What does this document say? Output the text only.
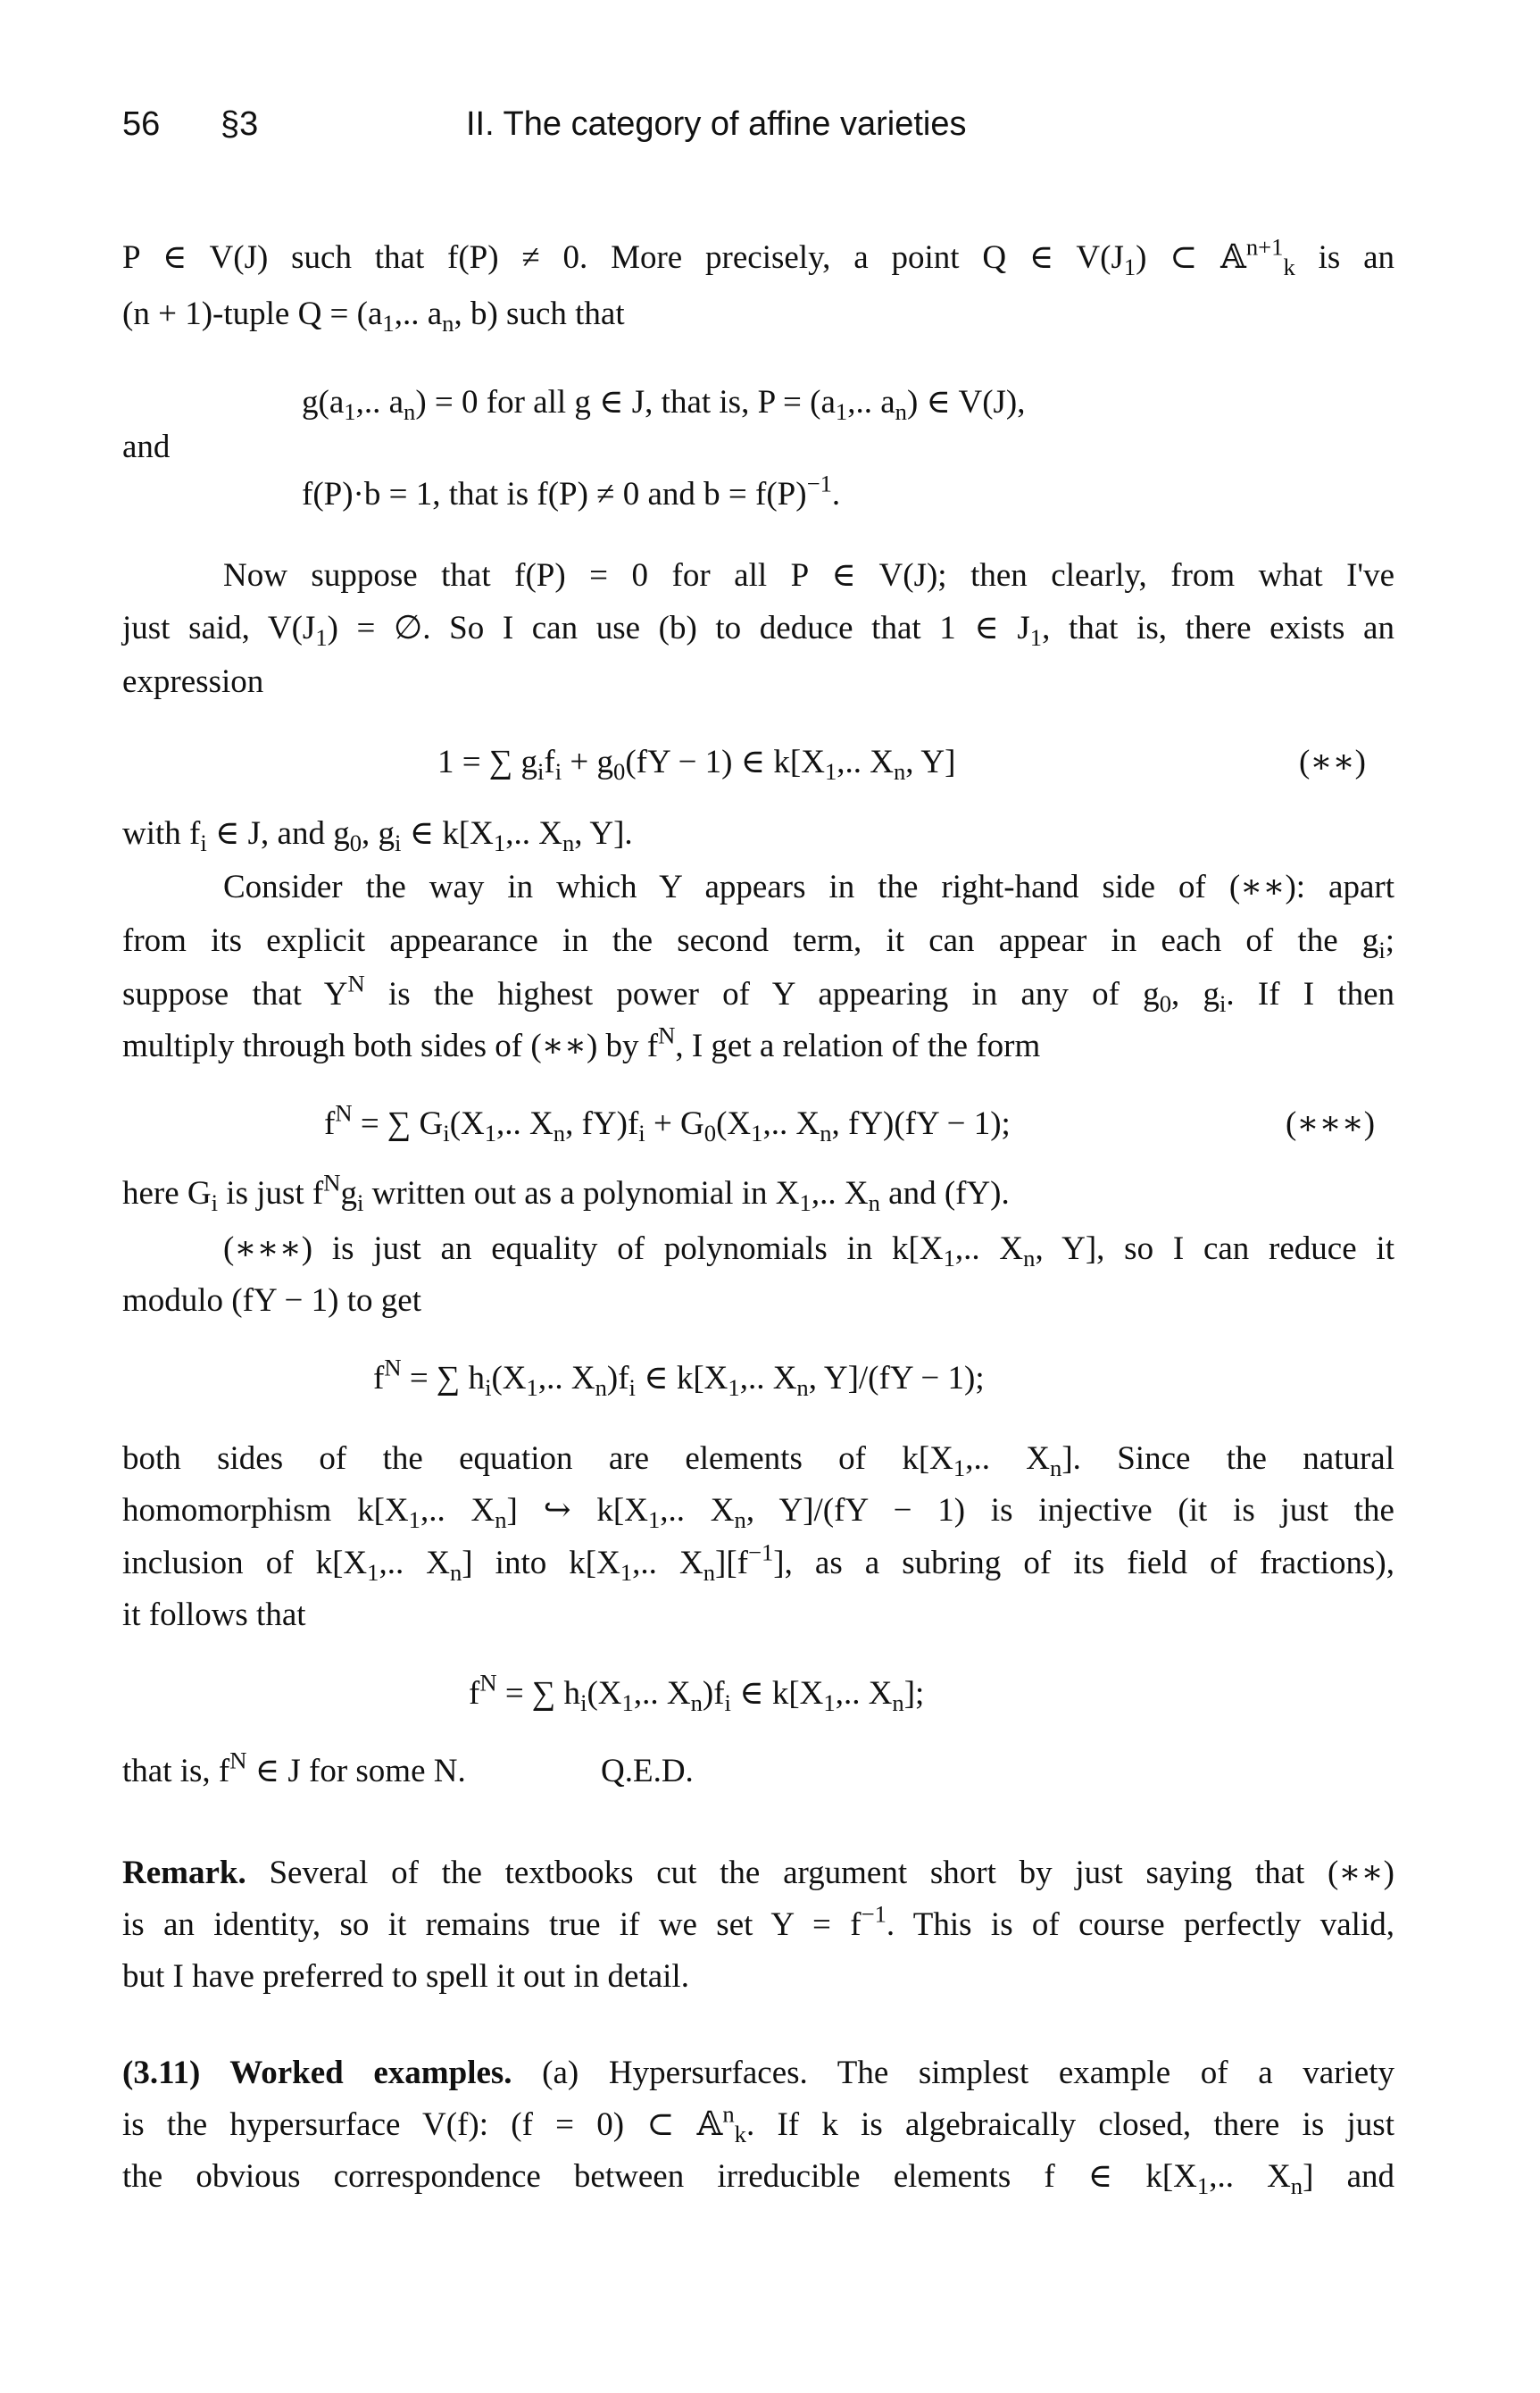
56 §3	II. The category of affine varieties
P ∈ V(J) such that f(P) ≠ 0. More precisely, a point Q ∈ $V(J_1)$ ⊂ 𝔸$^{n+1}_k$ is an
(n + 1)-tuple $Q = (a_1$,.. $a_n$, b) such that
$g(a_1$,.. $a_n) = 0$ for all g ∈ J, that is, $P = (a_1$,.. $a_n$) ∈ V(J),
and
f(P)·b = 1, that is f(P) ≠ 0 and $b = f(P)^{-1}$.
Now suppose that f(P) = 0 for all P ∈ V(J); then clearly, from what I've
just said, $V(J_1)$ = ∅. So I can use (b) to deduce that 1 ∈ $J_1$, that is, there exists an
expression
1 = ∑ $g_if_i + g_0(fY - 1)$ ∈ $k[X_1$,.. $X_n$, Y]	(∗∗)
with $f_i$ ∈ J, and $g_0$, $g_i$ ∈ $k[X_1$,.. $X_n$, Y].
Consider the way in which Y appears in the right-hand side of (∗∗): apart
from its explicit appearance in the second term, it can appear in each of the $g_i$;
suppose that $Y^N$ is the highest power of Y appearing in any of $g_0$, $g_i$. If I then
multiply through both sides of (∗∗) by $f^N$, I get a relation of the form
$f^N$ = ∑ $G_i(X_1$,.. $X_n$, $fY)f_i + G_0(X_1$,.. $X_n$, fY)(fY − 1);	(∗∗∗)
here $G_i$ is just $f^Ng_i$ written out as a polynomial in $X_1$,.. $X_n$ and (fY).
(∗∗∗) is just an equality of polynomials in $k[X_1$,.. $X_n$, Y], so I can reduce it
modulo (fY − 1) to get
$f^N$ = ∑ $h_i(X_1$,.. $X_n)f_i$ ∈ $k[X_1$,.. $X_n$, Y]/(fY − 1);
both sides of the equation are elements of $k[X_1$,.. $X_n$]. Since the natural
homomorphism $k[X_1$,.. $X_n$] ↪ $k[X_1$,.. $X_n$, Y]/(fY − 1) is injective (it is just the
inclusion of $k[X_1$,.. $X_n$] into $k[X_1$,.. $X_n][f^{-1}]$, as a subring of its field of fractions),
it follows that
$f^N$ = ∑ $h_i(X_1$,.. $X_n)f_i$ ∈ $k[X_1$,.. $X_n$];
that is, $f^N$ ∈ J for some N.	Q.E.D.
Remark. Several of the textbooks cut the argument short by just saying that (∗∗)
is an identity, so it remains true if we set $Y = f^{-1}$. This is of course perfectly valid,
but I have preferred to spell it out in detail.
(3.11) Worked examples. (a) Hypersurfaces. The simplest example of a variety
is the hypersurface V(f): (f = 0) ⊂ 𝔸$^n_k$. If k is algebraically closed, there is just
the obvious correspondence between irreducible elements f ∈ $k[X_1$,.. $X_n$] and
